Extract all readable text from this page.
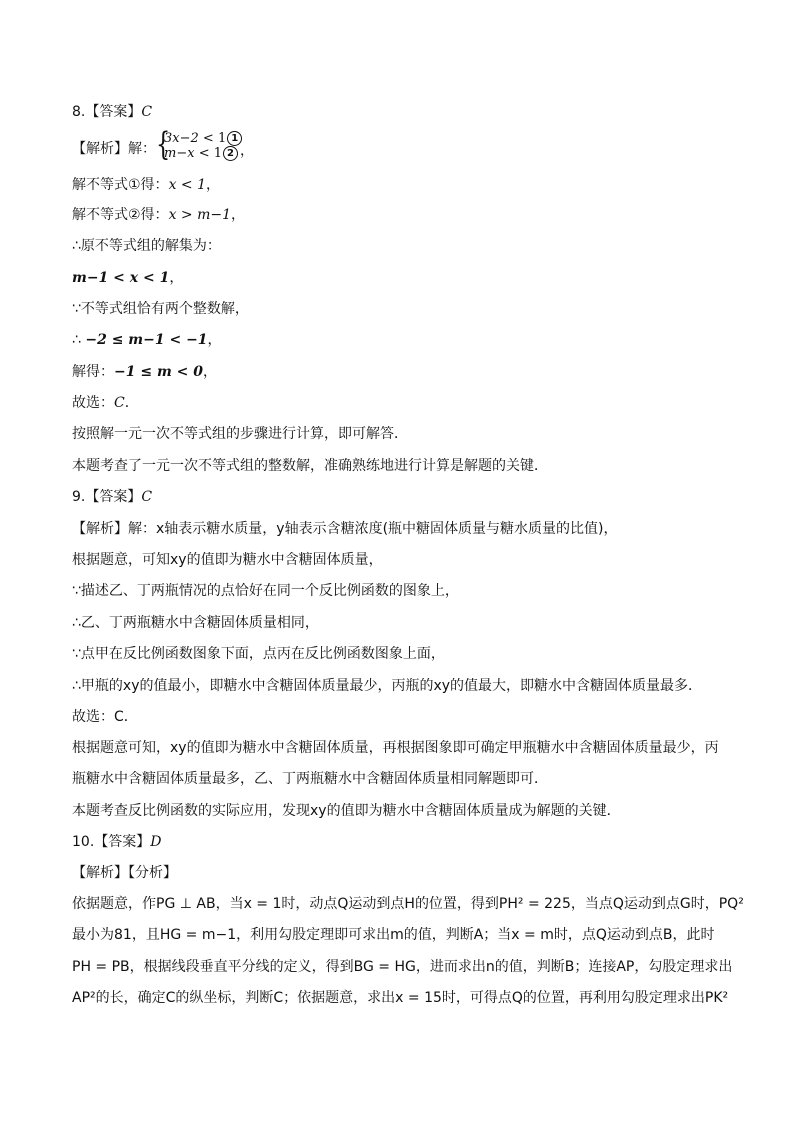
8.【答案】C
【解析】解： {
3x−2 < 1 1
m−x < 1 2 ，
解不等式①得：x < 1，
解不等式②得：x > m−1，
∴原不等式组的解集为：
m−1 < x < 1，
∵不等式组恰有两个整数解，
∴ −2 ≤ m−1 < −1，
解得：−1 ≤ m < 0，
故选：C．
按照解一元一次不等式组的步骤进行计算，即可解答．
本题考查了一元一次不等式组的整数解，准确熟练地进行计算是解题的关键．
9.【答案】C
【解析】解：x轴表示糖水质量，y轴表示含糖浓度(瓶中糖固体质量与糖水质量的比值)，
根据题意，可知xy的值即为糖水中含糖固体质量，
∵描述乙、丁两瓶情况的点恰好在同一个反比例函数的图象上，
∴乙、丁两瓶糖水中含糖固体质量相同，
∵点甲在反比例函数图象下面，点丙在反比例函数图象上面，
∴甲瓶的xy的值最小，即糖水中含糖固体质量最少，丙瓶的xy的值最大，即糖水中含糖固体质量最多．
故选：C．
根据题意可知，xy的值即为糖水中含糖固体质量，再根据图象即可确定甲瓶糖水中含糖固体质量最少，丙
瓶糖水中含糖固体质量最多，乙、丁两瓶糖水中含糖固体质量相同解题即可．
本题考查反比例函数的实际应用，发现xy的值即为糖水中含糖固体质量成为解题的关键．
10.【答案】D
【解析】【分析】
依据题意，作PG ⊥ AB，当x = 1时，动点Q运动到点H的位置，得到PH² = 225，当点Q运动到点G时，PQ²
最小为81，且HG = m−1，利用勾股定理即可求出m的值，判断A；当x = m时，点Q运动到点B，此时
PH = PB，根据线段垂直平分线的定义，得到BG = HG，进而求出n的值，判断B；连接AP，勾股定理求出
AP²的长，确定C的纵坐标，判断C；依据题意，求出x = 15时，可得点Q的位置，再利用勾股定理求出PK²
